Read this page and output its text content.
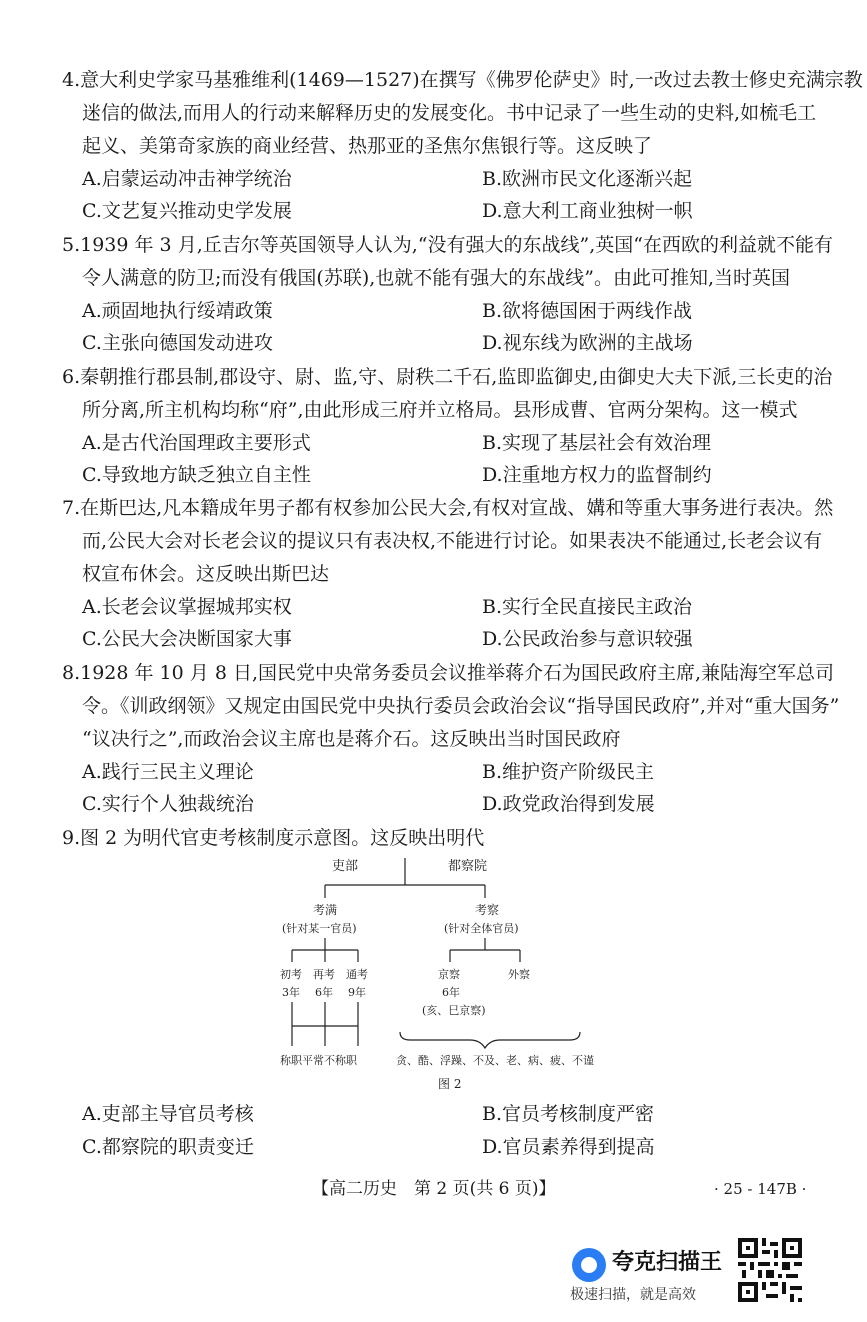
4.意大利史学家马基雅维利(1469—1527)在撰写《佛罗伦萨史》时,一改过去教士修史充满宗教
迷信的做法,而用人的行动来解释历史的发展变化。书中记录了一些生动的史料,如梳毛工
起义、美第奇家族的商业经营、热那亚的圣焦尔焦银行等。这反映了
A.启蒙运动冲击神学统治	B.欧洲市民文化逐渐兴起
C.文艺复兴推动史学发展	D.意大利工商业独树一帜
5.1939 年 3 月,丘吉尔等英国领导人认为,“没有强大的东战线”,英国“在西欧的利益就不能有
令人满意的防卫;而没有俄国(苏联),也就不能有强大的东战线”。由此可推知,当时英国
A.顽固地执行绥靖政策	B.欲将德国困于两线作战
C.主张向德国发动进攻	D.视东线为欧洲的主战场
6.秦朝推行郡县制,郡设守、尉、监,守、尉秩二千石,监即监御史,由御史大夫下派,三长吏的治
所分离,所主机构均称“府”,由此形成三府并立格局。县形成曹、官两分架构。这一模式
A.是古代治国理政主要形式	B.实现了基层社会有效治理
C.导致地方缺乏独立自主性	D.注重地方权力的监督制约
7.在斯巴达,凡本籍成年男子都有权参加公民大会,有权对宣战、媾和等重大事务进行表决。然
而,公民大会对长老会议的提议只有表决权,不能进行讨论。如果表决不能通过,长老会议有
权宣布休会。这反映出斯巴达
A.长老会议掌握城邦实权	B.实行全民直接民主政治
C.公民大会决断国家大事	D.公民政治参与意识较强
8.1928 年 10 月 8 日,国民党中央常务委员会议推举蒋介石为国民政府主席,兼陆海空军总司
令。《训政纲领》又规定由国民党中央执行委员会政治会议“指导国民政府”,并对“重大国务”
“议决行之”,而政治会议主席也是蒋介石。这反映出当时国民政府
A.践行三民主义理论	B.维护资产阶级民主
C.实行个人独裁统治	D.政党政治得到发展
9.图 2 为明代官吏考核制度示意图。这反映出明代
吏部	都察院
考满
(针对某一官员)
考察
(针对全体官员)
初考
3年
再考
6年
通考
9年
称职平常不称职
京察
6年
(亥、巳京察)
外察
贪、酷、浮躁、不及、老、病、疲、不谨
图 2
A.吏部主导官员考核	B.官员考核制度严密
C.都察院的职责变迁	D.官员素养得到提高
【高二历史　第 2 页(共 6 页)】	· 25 - 147B ·
夸克扫描王
极速扫描，就是高效
